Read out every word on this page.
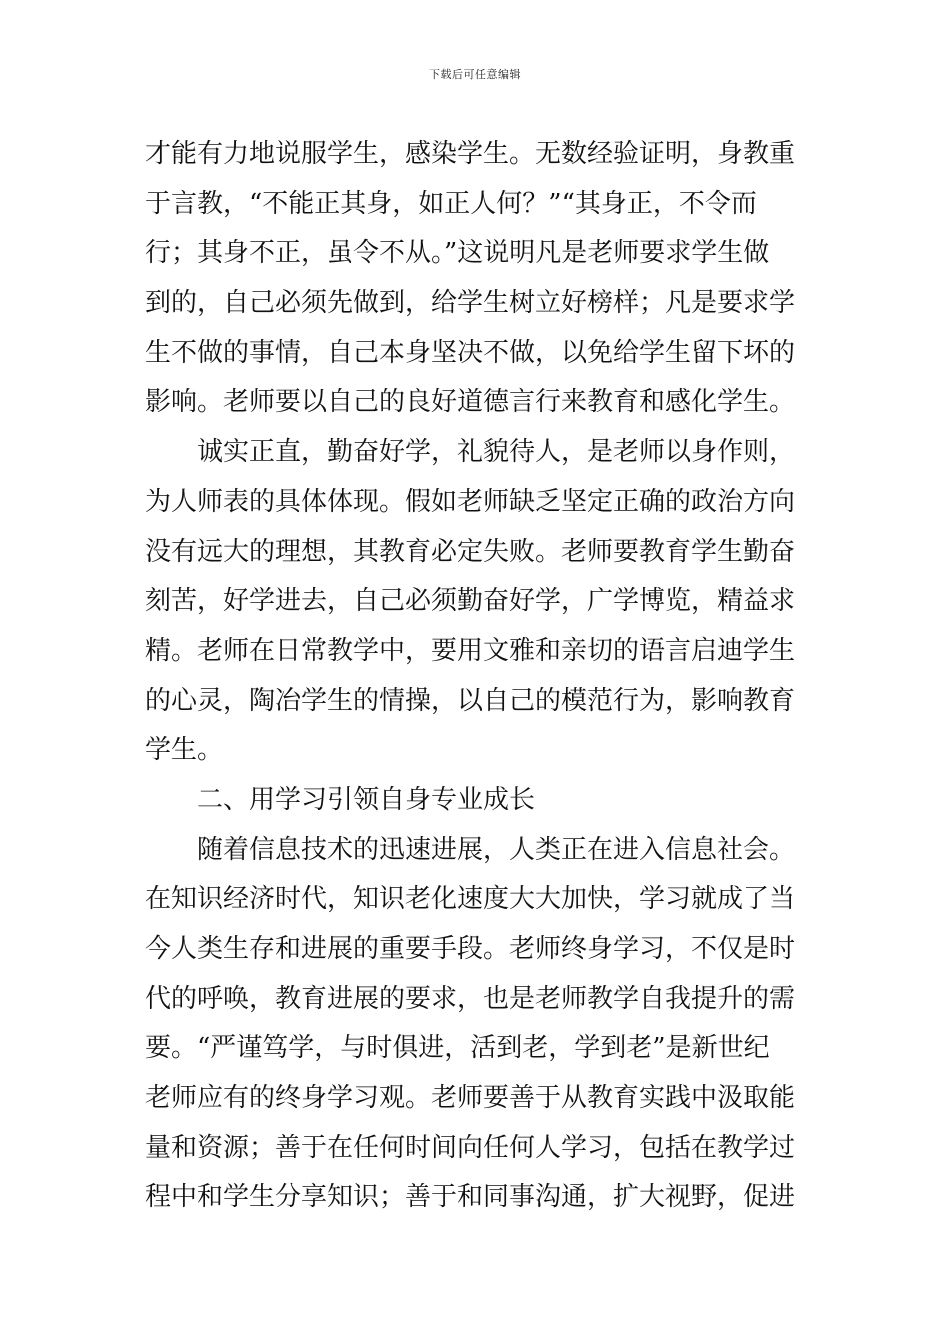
下载后可任意编辑
才能有力地说服学生，感染学生。无数经验证明，身教重
于言教，“不能正其身，如正人何？”“其身正，不令而
行；其身不正，虽令不从。”这说明凡是老师要求学生做
到的，自己必须先做到，给学生树立好榜样；凡是要求学
生不做的事情，自己本身坚决不做，以免给学生留下坏的
影响。老师要以自己的良好道德言行来教育和感化学生。
诚实正直，勤奋好学，礼貌待人，是老师以身作则，
为人师表的具体体现。假如老师缺乏坚定正确的政治方向
没有远大的理想，其教育必定失败。老师要教育学生勤奋
刻苦，好学进去，自己必须勤奋好学，广学博览，精益求
精。老师在日常教学中，要用文雅和亲切的语言启迪学生
的心灵，陶冶学生的情操，以自己的模范行为，影响教育
学生。
二、用学习引领自身专业成长
随着信息技术的迅速进展，人类正在进入信息社会。
在知识经济时代，知识老化速度大大加快，学习就成了当
今人类生存和进展的重要手段。老师终身学习，不仅是时
代的呼唤，教育进展的要求，也是老师教学自我提升的需
要。“严谨笃学，与时俱进，活到老，学到老”是新世纪
老师应有的终身学习观。老师要善于从教育实践中汲取能
量和资源；善于在任何时间向任何人学习，包括在教学过
程中和学生分享知识；善于和同事沟通，扩大视野，促进
